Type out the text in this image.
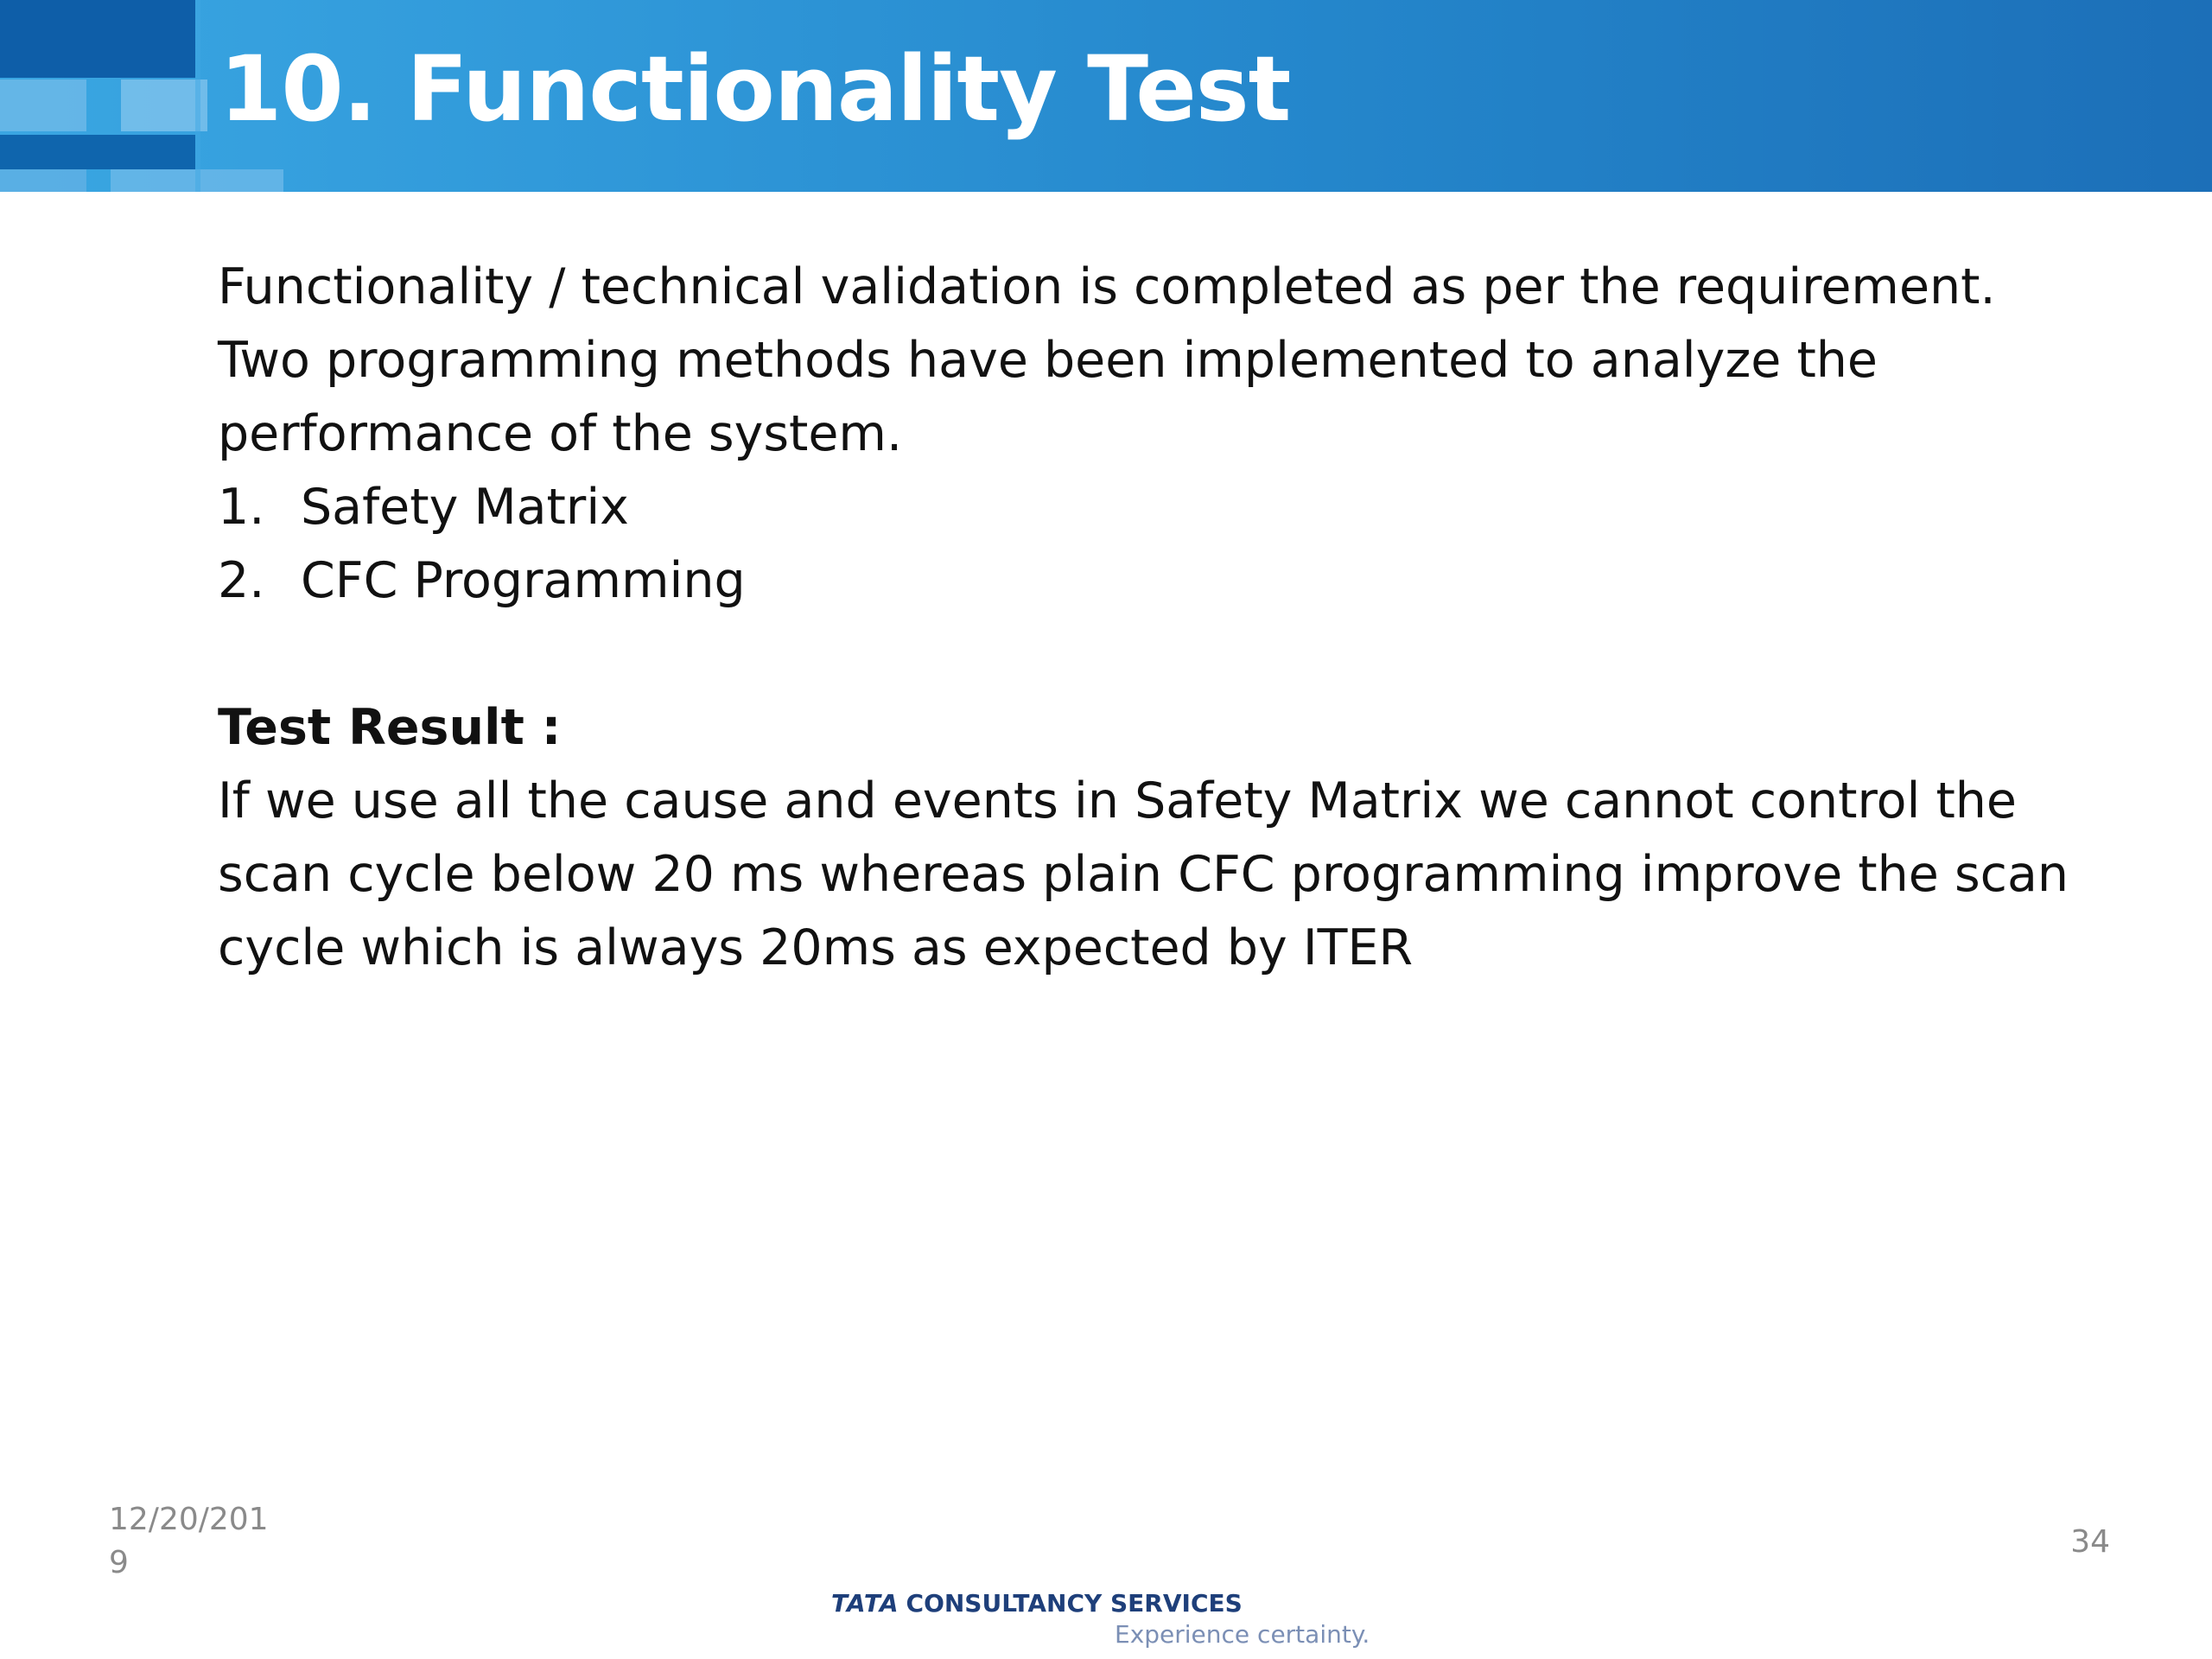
10. Functionality Test

Functionality / technical validation is completed as per the requirement.

Two programming methods have been implemented to analyze the

performance of the system.

1. Safety Matrix
2. CFC Programming

Test Result :

If we use all the cause and events in Safety Matrix we cannot control the

scan cycle below 20 ms whereas plain CFC programming improve the scan

cycle which is always 20ms as expected by ITER

12/20/2019
34
TATA CONSULTANCY SERVICES
Experience certainty.
